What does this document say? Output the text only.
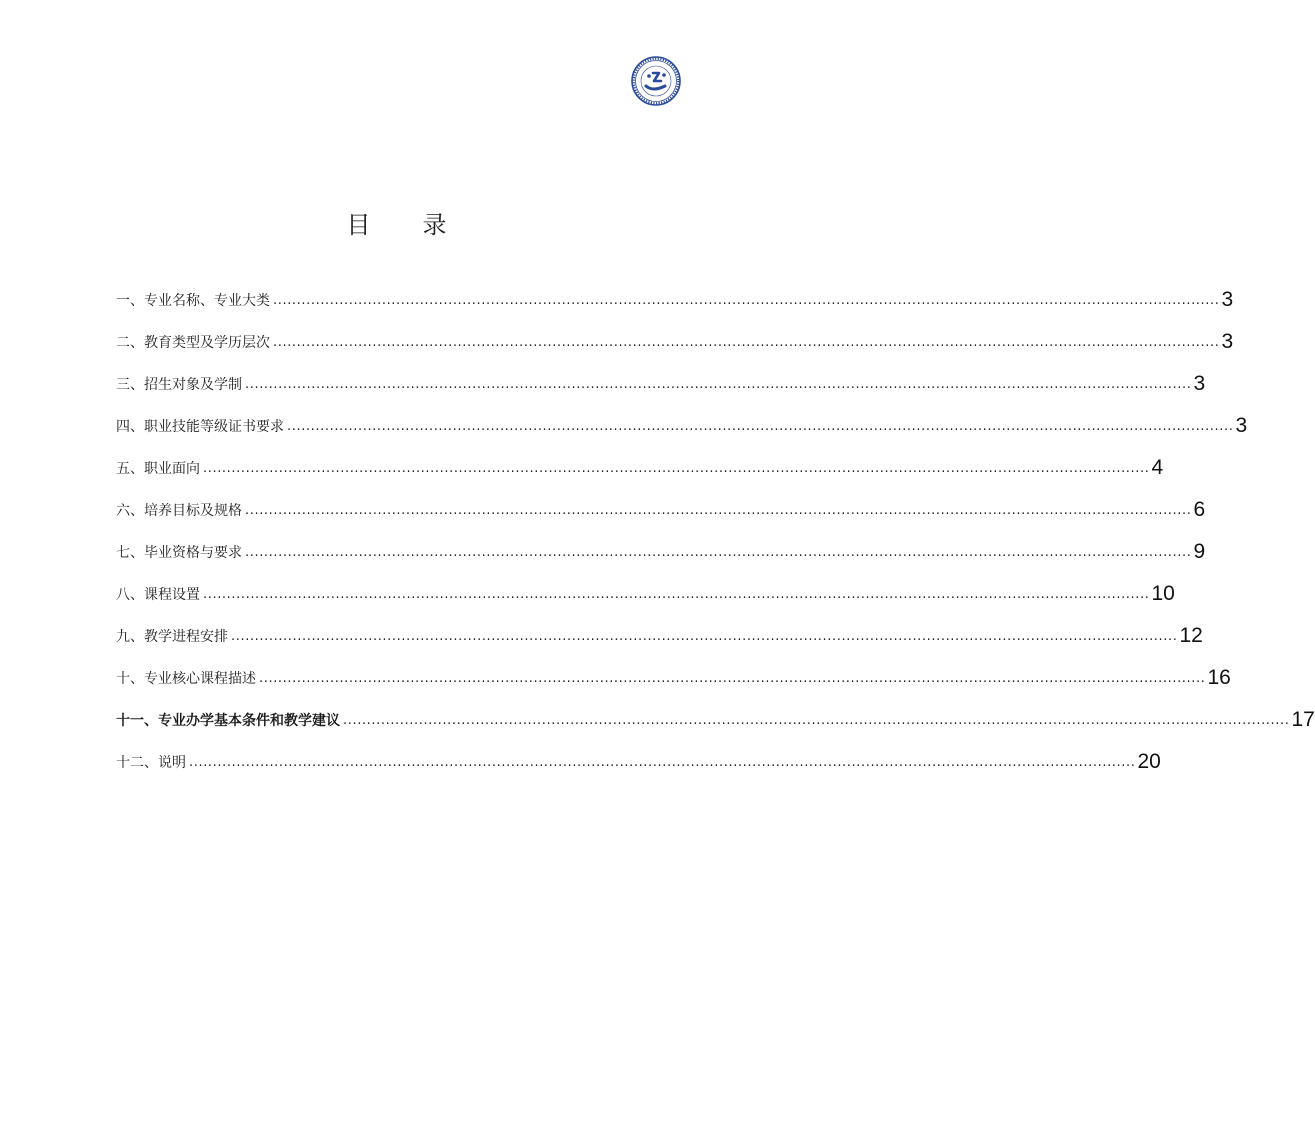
目 录
一、专业名称、专业大类 ........................................................................................................................................................................................................ 3
二、教育类型及学历层次 ........................................................................................................................................................................................................ 3
三、招生对象及学制 ........................................................................................................................................................................................................ 3
四、职业技能等级证书要求 ........................................................................................................................................................................................................ 3
五、职业面向 ........................................................................................................................................................................................................ 4
六、培养目标及规格 ........................................................................................................................................................................................................ 6
七、毕业资格与要求 ........................................................................................................................................................................................................ 9
八、课程设置 ........................................................................................................................................................................................................ 10
九、教学进程安排 ........................................................................................................................................................................................................ 12
十、专业核心课程描述 ........................................................................................................................................................................................................ 16
十一、专业办学基本条件和教学建议 ........................................................................................................................................................................................................ 17
十二、说明 ........................................................................................................................................................................................................ 20
